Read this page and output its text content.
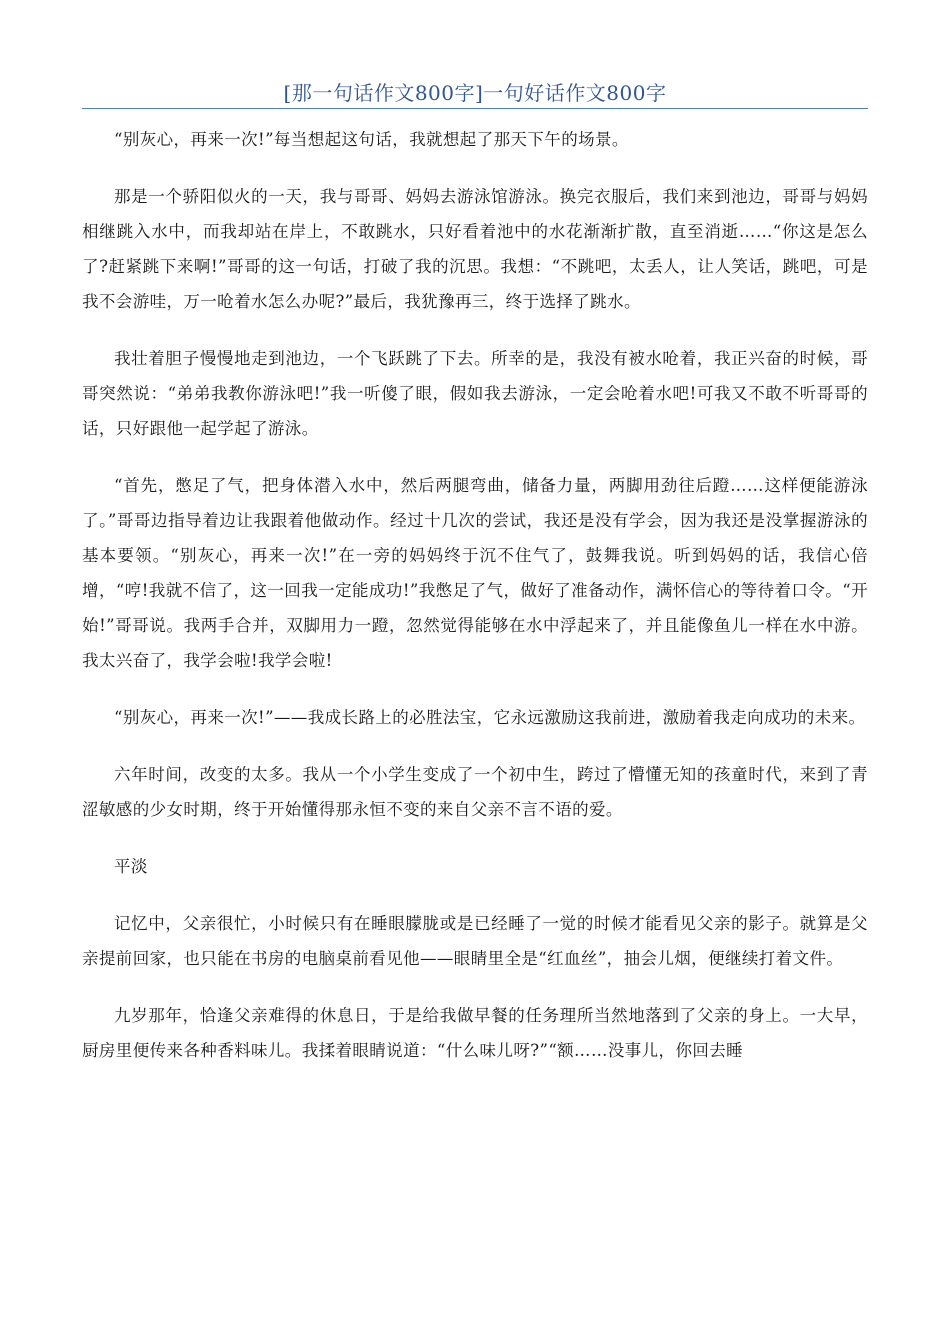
[那一句话作文800字]一句好话作文800字

“别灰心，再来一次!”每当想起这句话，我就想起了那天下午的场景。

那是一个骄阳似火的一天，我与哥哥、妈妈去游泳馆游泳。换完衣服后，我们来到池边，哥哥与妈妈相继跳入水中，而我却站在岸上，不敢跳水，只好看着池中的水花渐渐扩散，直至消逝……“你这是怎么了?赶紧跳下来啊!”哥哥的这一句话，打破了我的沉思。我想：“不跳吧，太丢人，让人笑话，跳吧，可是我不会游哇，万一呛着水怎么办呢?”最后，我犹豫再三，终于选择了跳水。

我壮着胆子慢慢地走到池边，一个飞跃跳了下去。所幸的是，我没有被水呛着，我正兴奋的时候，哥哥突然说：“弟弟我教你游泳吧!”我一听傻了眼，假如我去游泳，一定会呛着水吧!可我又不敢不听哥哥的话，只好跟他一起学起了游泳。

“首先，憋足了气，把身体潜入水中，然后两腿弯曲，储备力量，两脚用劲往后蹬……这样便能游泳了。”哥哥边指导着边让我跟着他做动作。经过十几次的尝试，我还是没有学会，因为我还是没掌握游泳的基本要领。“别灰心，再来一次!”在一旁的妈妈终于沉不住气了，鼓舞我说。听到妈妈的话，我信心倍增，“哼!我就不信了，这一回我一定能成功!”我憋足了气，做好了准备动作，满怀信心的等待着口令。“开始!”哥哥说。我两手合并，双脚用力一蹬，忽然觉得能够在水中浮起来了，并且能像鱼儿一样在水中游。我太兴奋了，我学会啦!我学会啦!

“别灰心，再来一次!”——我成长路上的必胜法宝，它永远激励这我前进，激励着我走向成功的未来。

六年时间，改变的太多。我从一个小学生变成了一个初中生，跨过了懵懂无知的孩童时代，来到了青涩敏感的少女时期，终于开始懂得那永恒不变的来自父亲不言不语的爱。

平淡

记忆中，父亲很忙，小时候只有在睡眼朦胧或是已经睡了一觉的时候才能看见父亲的影子。就算是父亲提前回家，也只能在书房的电脑桌前看见他——眼睛里全是“红血丝”，抽会儿烟，便继续打着文件。

九岁那年，恰逢父亲难得的休息日，于是给我做早餐的任务理所当然地落到了父亲的身上。一大早，厨房里便传来各种香料味儿。我揉着眼睛说道：“什么味儿呀?”“额……没事儿，你回去睡
